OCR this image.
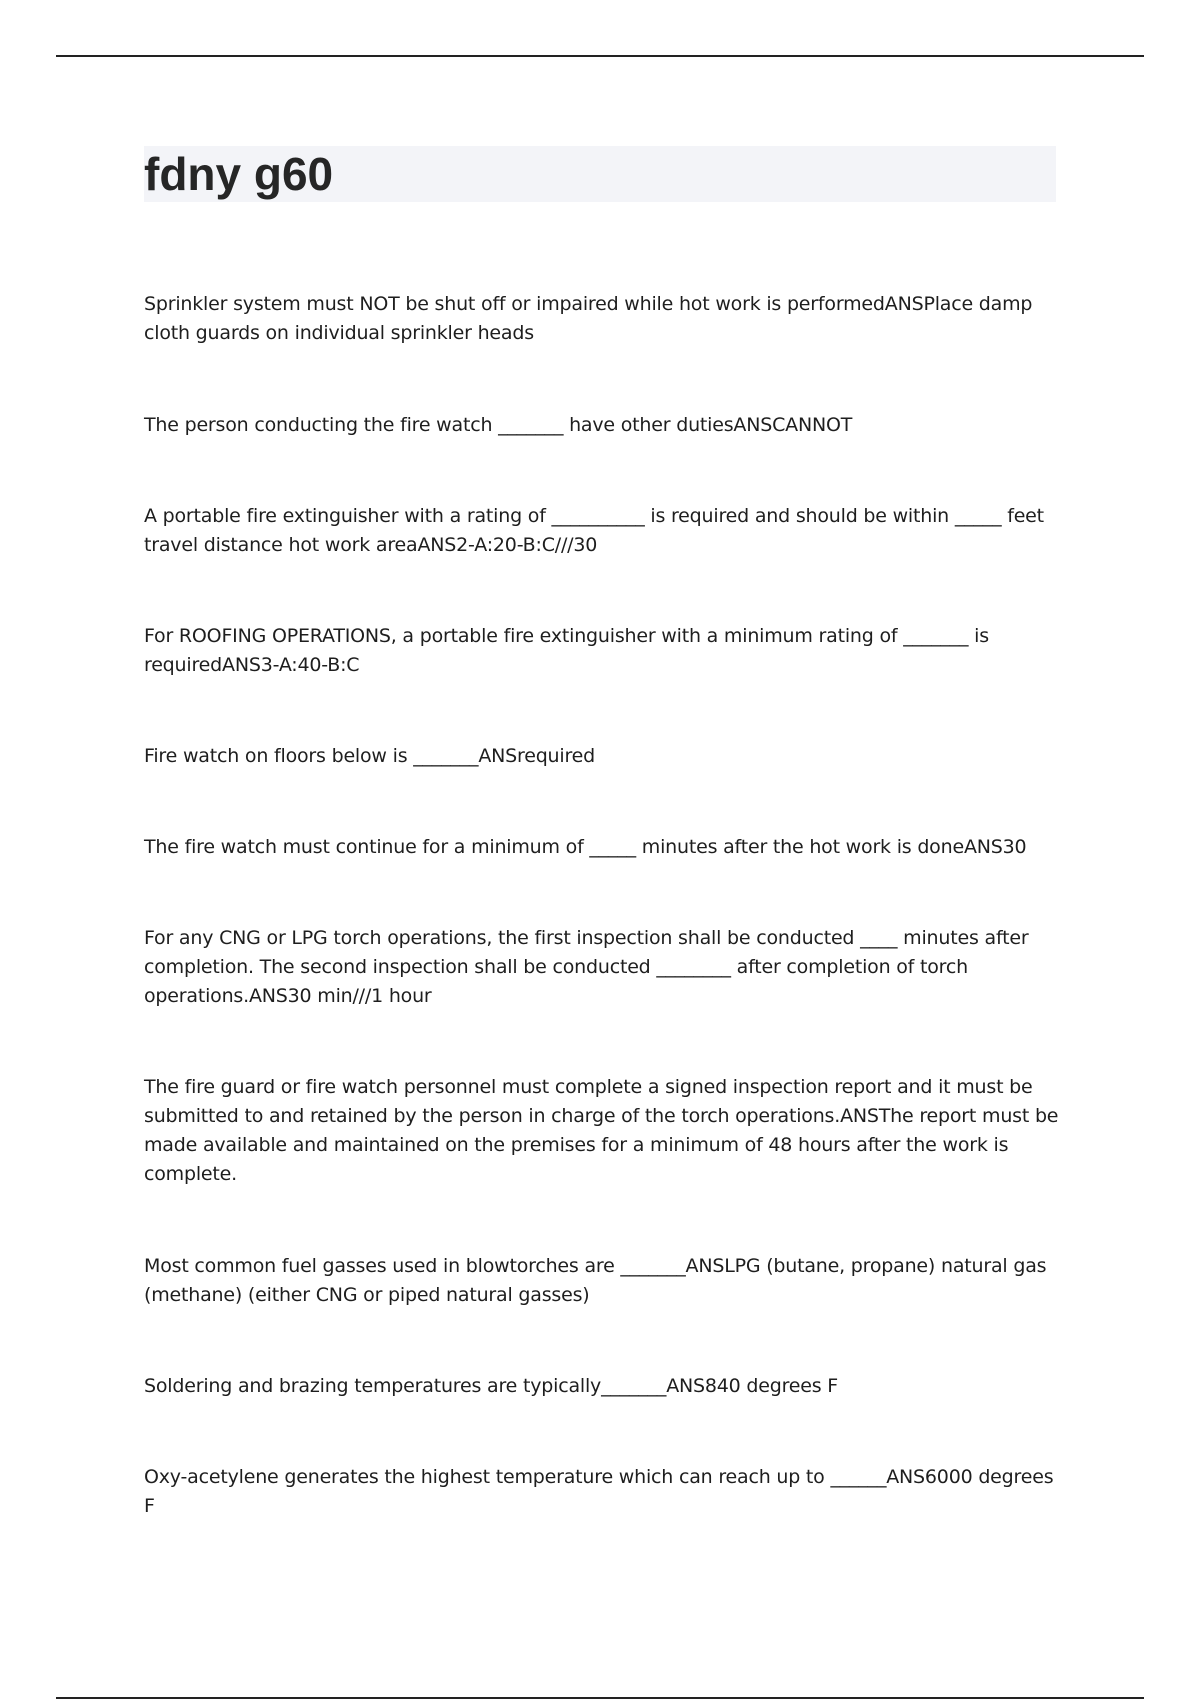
fdny g60

Sprinkler system must NOT be shut off or impaired while hot work is performedANSPlace damp cloth guards on individual sprinkler heads

The person conducting the fire watch _______ have other dutiesANSCANNOT

A portable fire extinguisher with a rating of __________ is required and should be within _____ feet travel distance hot work areaANS2-A:20-B:C///30

For ROOFING OPERATIONS, a portable fire extinguisher with a minimum rating of _______ is requiredANS3-A:40-B:C

Fire watch on floors below is _______ANSrequired

The fire watch must continue for a minimum of _____ minutes after the hot work is doneANS30

For any CNG or LPG torch operations, the first inspection shall be conducted ____ minutes after completion. The second inspection shall be conducted ________ after completion of torch operations.ANS30 min///1 hour

The fire guard or fire watch personnel must complete a signed inspection report and it must be submitted to and retained by the person in charge of the torch operations.ANSThe report must be made available and maintained on the premises for a minimum of 48 hours after the work is complete.

Most common fuel gasses used in blowtorches are _______ANSLPG (butane, propane) natural gas (methane) (either CNG or piped natural gasses)

Soldering and brazing temperatures are typically_______ANS840 degrees F

Oxy-acetylene generates the highest temperature which can reach up to ______ANS6000 degrees F
